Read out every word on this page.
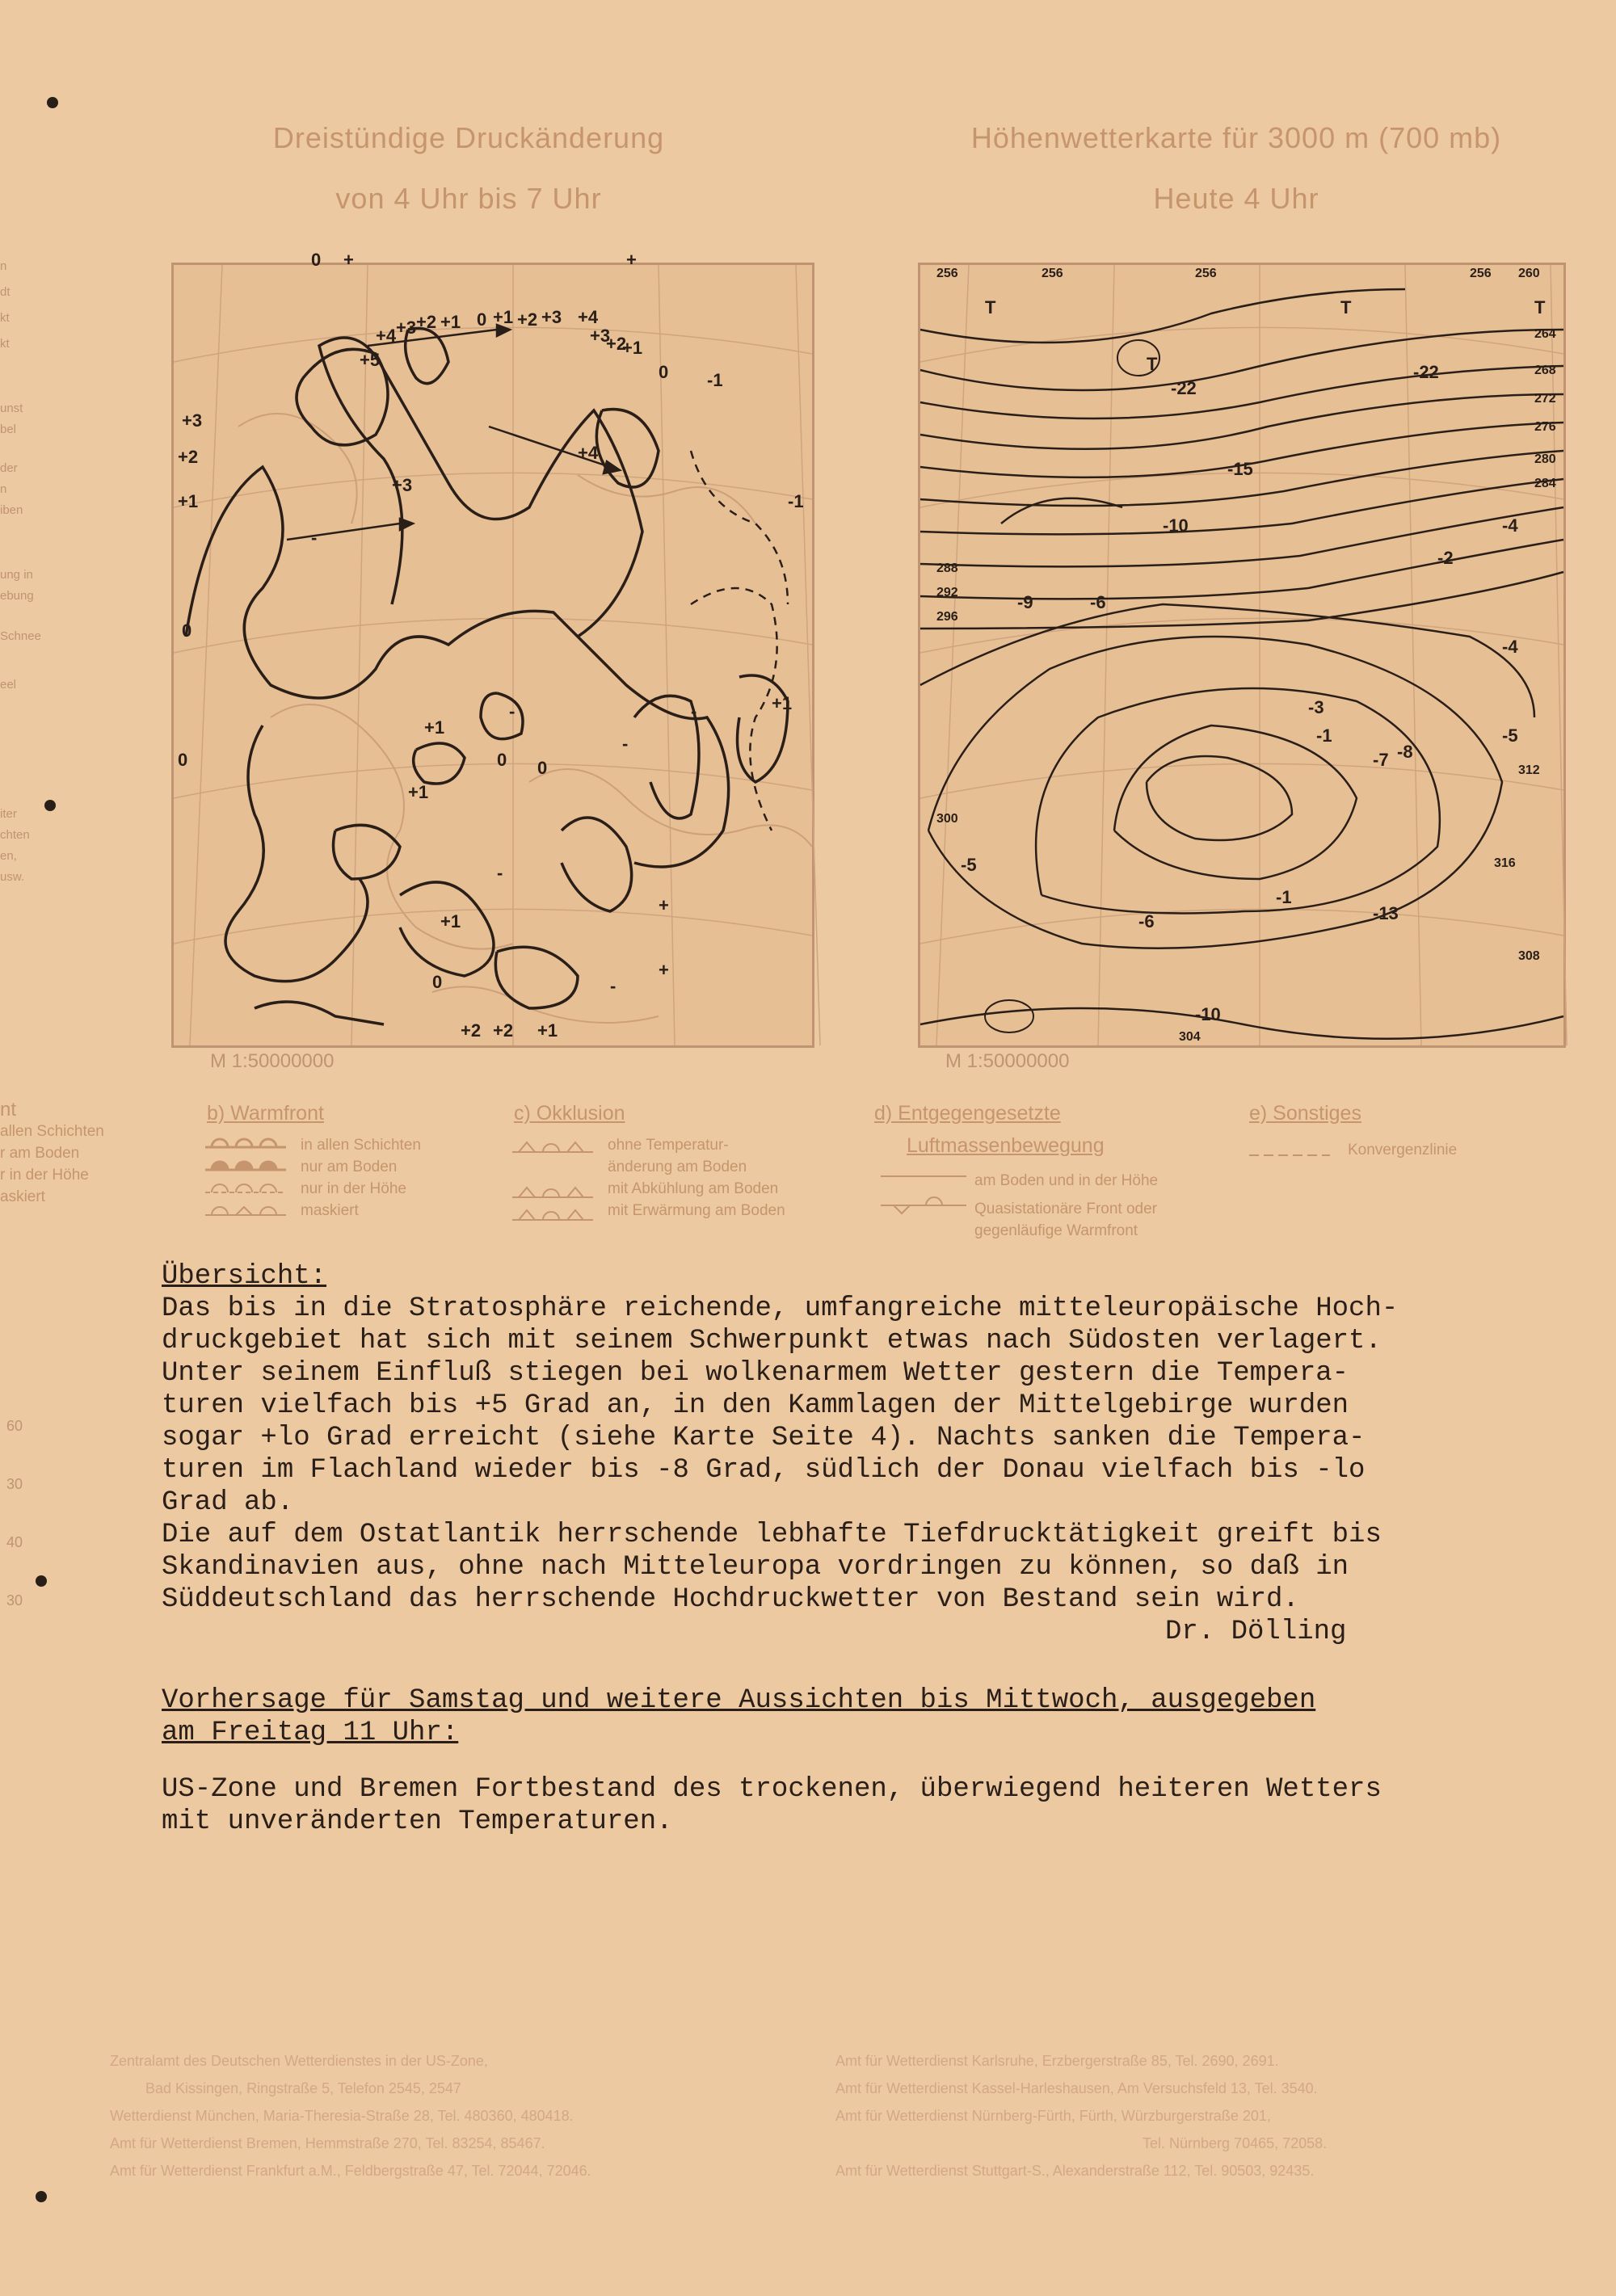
n
dt
kt
kt
unst
bel
der
n
iben
ung in
ebung
Schnee
eel
iter
chten
en,
usw.
60
30
40
30
Dreistündige Druckänderung
von 4 Uhr bis 7 Uhr
Höhenwetterkarte für 3000 m (700 mb)
Heute 4 Uhr
+5
+4 +3 +2 +1 0 +1 +2 +3 +4
+3
+2
+1
0 -1
+3
+2
+1
+3
+4
-1
0
+1
+1
0
0
-
-
-
0
-
-
+
+
+1
0
+1
+2 +2 +1
0
+
+
-
M 1:50000000
T
T
T	T
-22
-22
-15
-10	-4
-2
-6
-4
-3
-1
-7
-5
-8
-10
-13
-6
-1
-5
-9
256	256	256	256 260
264
268
272
276
280
284
288
292
296
300
304
308
312
316
M 1:50000000
nt
allen Schichten
r am Boden
r in der Höhe
askiert
b) Warmfront
in allen Schichten
nur am Boden
nur in der Höhe
maskiert
c) Okklusion
ohne Temperatur-
änderung am Boden
mit Abkühlung am Boden
mit Erwärmung am Boden
d) Entgegengesetzte
Luftmassenbewegung
am Boden und in der Höhe
Quasistationäre Front oder
gegenläufige Warmfront
e) Sonstiges
Konvergenzlinie
Übersicht:
Das bis in die Stratosphäre reichende, umfangreiche mitteleuropäische Hoch-
druckgebiet hat sich mit seinem Schwerpunkt etwas nach Südosten verlagert.
Unter seinem Einfluß stiegen bei wolkenarmem Wetter gestern die Tempera-
turen vielfach bis +5 Grad an, in den Kammlagen der Mittelgebirge wurden
sogar +lo Grad erreicht (siehe Karte Seite 4). Nachts sanken die Tempera-
turen im Flachland wieder bis -8 Grad, südlich der Donau vielfach bis -lo
Grad ab.
Die auf dem Ostatlantik herrschende lebhafte Tiefdrucktätigkeit greift bis
Skandinavien aus, ohne nach Mitteleuropa vordringen zu können, so daß in
Süddeutschland das herrschende Hochdruckwetter von Bestand sein wird.
Dr. Dölling
Vorhersage für Samstag und weitere Aussichten bis Mittwoch, ausgegeben
am Freitag 11 Uhr:
US-Zone und Bremen Fortbestand des trockenen, überwiegend heiteren Wetters
mit unveränderten Temperaturen.
Zentralamt des Deutschen Wetterdienstes in der US-Zone,
Bad Kissingen, Ringstraße 5, Telefon 2545, 2547
Wetterdienst München, Maria-Theresia-Straße 28, Tel. 480360, 480418.
Amt für Wetterdienst Bremen, Hemmstraße 270, Tel. 83254, 85467.
Amt für Wetterdienst Frankfurt a.M., Feldbergstraße 47, Tel. 72044, 72046.
Amt für Wetterdienst Karlsruhe, Erzbergerstraße 85, Tel. 2690, 2691.
Amt für Wetterdienst Kassel-Harleshausen, Am Versuchsfeld 13, Tel. 3540.
Amt für Wetterdienst Nürnberg-Fürth, Fürth, Würzburgerstraße 201,
Tel. Nürnberg 70465, 72058.
Amt für Wetterdienst Stuttgart-S., Alexanderstraße 112, Tel. 90503, 92435.
